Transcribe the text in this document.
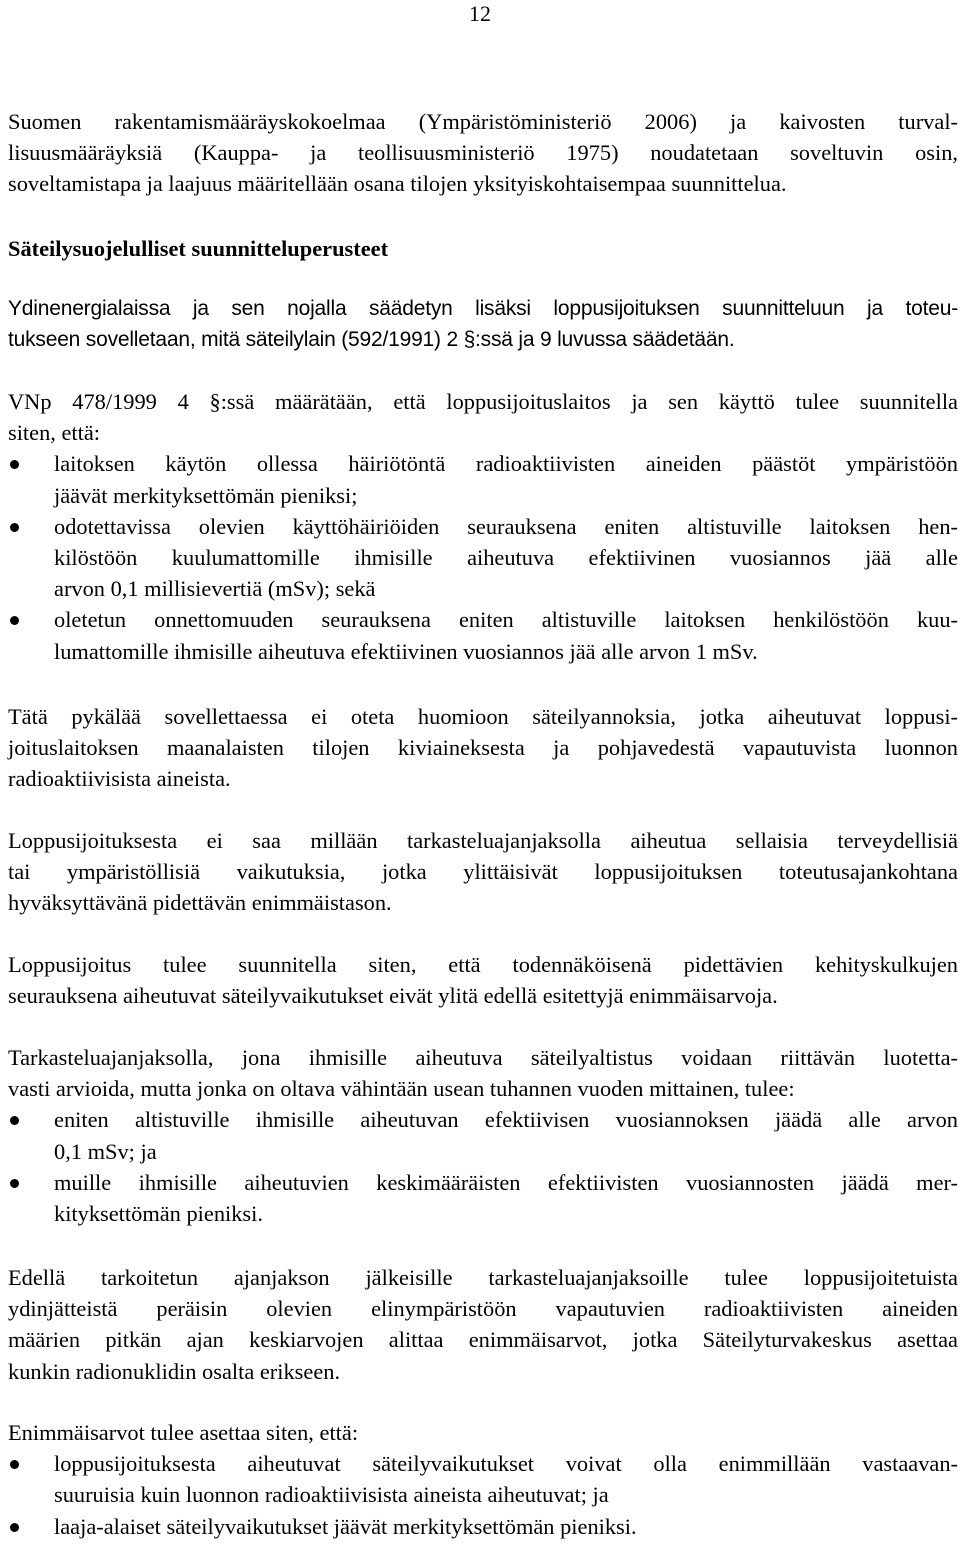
12
Suomen rakentamismääräyskokoelmaa (Ympäristöministeriö 2006) ja kaivosten turval-
lisuusmääräyksiä (Kauppa- ja teollisuusministeriö 1975) noudatetaan soveltuvin osin,
soveltamistapa ja laajuus määritellään osana tilojen yksityiskohtaisempaa suunnittelua.
Säteilysuojelulliset suunnitteluperusteet
Ydinenergialaissa ja sen nojalla säädetyn lisäksi loppusijoituksen suunnitteluun ja toteu-
tukseen sovelletaan, mitä säteilylain (592/1991) 2 §:ssä ja 9 luvussa säädetään.
VNp 478/1999 4 §:ssä määrätään, että loppusijoituslaitos ja sen käyttö tulee suunnitella
siten, että:
laitoksen käytön ollessa häiriötöntä radioaktiivisten aineiden päästöt ympäristöön
jäävät merkityksettömän pieniksi;
odotettavissa olevien käyttöhäiriöiden seurauksena eniten altistuville laitoksen hen-
kilöstöön kuulumattomille ihmisille aiheutuva efektiivinen vuosiannos jää alle
arvon 0,1 millisievertiä (mSv); sekä
oletetun onnettomuuden seurauksena eniten altistuville laitoksen henkilöstöön kuu-
lumattomille ihmisille aiheutuva efektiivinen vuosiannos jää alle arvon 1 mSv.
Tätä pykälää sovellettaessa ei oteta huomioon säteilyannoksia, jotka aiheutuvat loppusi-
joituslaitoksen maanalaisten tilojen kiviaineksesta ja pohjavedestä vapautuvista luonnon
radioaktiivisista aineista.
Loppusijoituksesta ei saa millään tarkasteluajanjaksolla aiheutua sellaisia terveydellisiä
tai ympäristöllisiä vaikutuksia, jotka ylittäisivät loppusijoituksen toteutusajankohtana
hyväksyttävänä pidettävän enimmäistason.
Loppusijoitus tulee suunnitella siten, että todennäköisenä pidettävien kehityskulkujen
seurauksena aiheutuvat säteilyvaikutukset eivät ylitä edellä esitettyjä enimmäisarvoja.
Tarkasteluajanjaksolla, jona ihmisille aiheutuva säteilyaltistus voidaan riittävän luotetta-
vasti arvioida, mutta jonka on oltava vähintään usean tuhannen vuoden mittainen, tulee:
eniten altistuville ihmisille aiheutuvan efektiivisen vuosiannoksen jäädä alle arvon
0,1 mSv; ja
muille ihmisille aiheutuvien keskimääräisten efektiivisten vuosiannosten jäädä mer-
kityksettömän pieniksi.
Edellä tarkoitetun ajanjakson jälkeisille tarkasteluajanjaksoille tulee loppusijoitetuista
ydinjätteistä peräisin olevien elinympäristöön vapautuvien radioaktiivisten aineiden
määrien pitkän ajan keskiarvojen alittaa enimmäisarvot, jotka Säteilyturvakeskus asettaa
kunkin radionuklidin osalta erikseen.
Enimmäisarvot tulee asettaa siten, että:
loppusijoituksesta aiheutuvat säteilyvaikutukset voivat olla enimmillään vastaavan-
suuruisia kuin luonnon radioaktiivisista aineista aiheutuvat; ja
laaja-alaiset säteilyvaikutukset jäävät merkityksettömän pieniksi.
